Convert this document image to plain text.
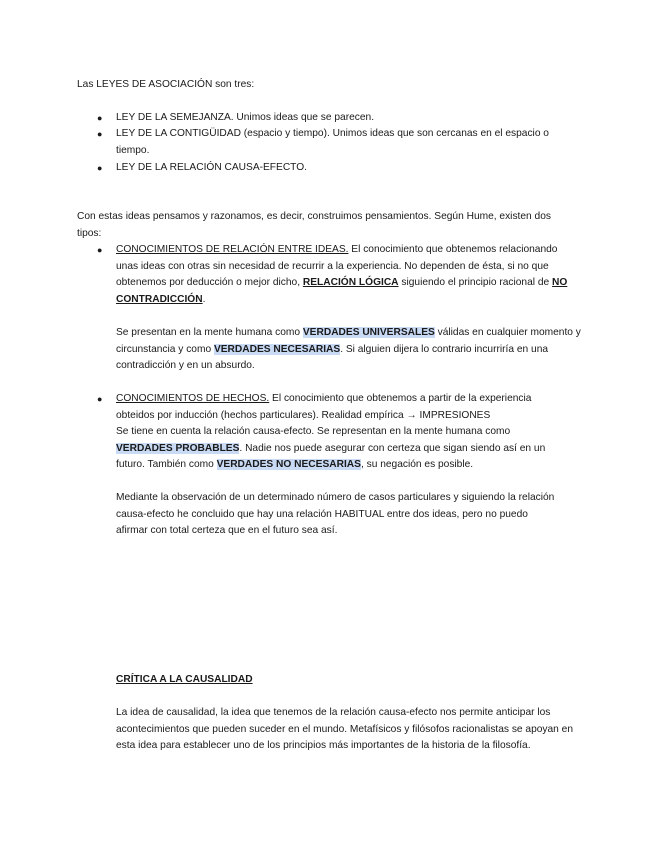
Las LEYES DE ASOCIACIÓN son tres:

● LEY DE LA SEMEJANZA. Unimos ideas que se parecen.

● LEY DE LA CONTIGÜIDAD (espacio y tiempo). Unimos ideas que son cercanas en el espacio o tiempo.

● LEY DE LA RELACIÓN CAUSA-EFECTO.

Con estas ideas pensamos y razonamos, es decir, construimos pensamientos. Según Hume, existen dos tipos:

● CONOCIMIENTOS DE RELACIÓN ENTRE IDEAS. El conocimiento que obtenemos relacionando unas ideas con otras sin necesidad de recurrir a la experiencia. No dependen de ésta, si no que obtenemos por deducción o mejor dicho, RELACIÓN LÓGICA siguiendo el principio racional de NO CONTRADICCIÓN.

Se presentan en la mente humana como VERDADES UNIVERSALES válidas en cualquier momento y circunstancia y como VERDADES NECESARIAS. Si alguien dijera lo contrario incurriría en una contradicción y en un absurdo.

● CONOCIMIENTOS DE HECHOS. El conocimiento que obtenemos a partir de la experiencia obteidos por inducción (hechos particulares). Realidad empírica → IMPRESIONES

Se tiene en cuenta la relación causa-efecto. Se representan en la mente humana como VERDADES PROBABLES. Nadie nos puede asegurar con certeza que sigan siendo así en un futuro. También como VERDADES NO NECESARIAS, su negación es posible.

Mediante la observación de un determinado número de casos particulares y siguiendo la relación causa-efecto he concluido que hay una relación HABITUAL entre dos ideas, pero no puedo afirmar con total certeza que en el futuro sea así.

CRÍTICA A LA CAUSALIDAD

La idea de causalidad, la idea que tenemos de la relación causa-efecto nos permite anticipar los acontecimientos que pueden suceder en el mundo. Metafísicos y filósofos racionalistas se apoyan en esta idea para establecer uno de los principios más importantes de la historia de la filosofía.
